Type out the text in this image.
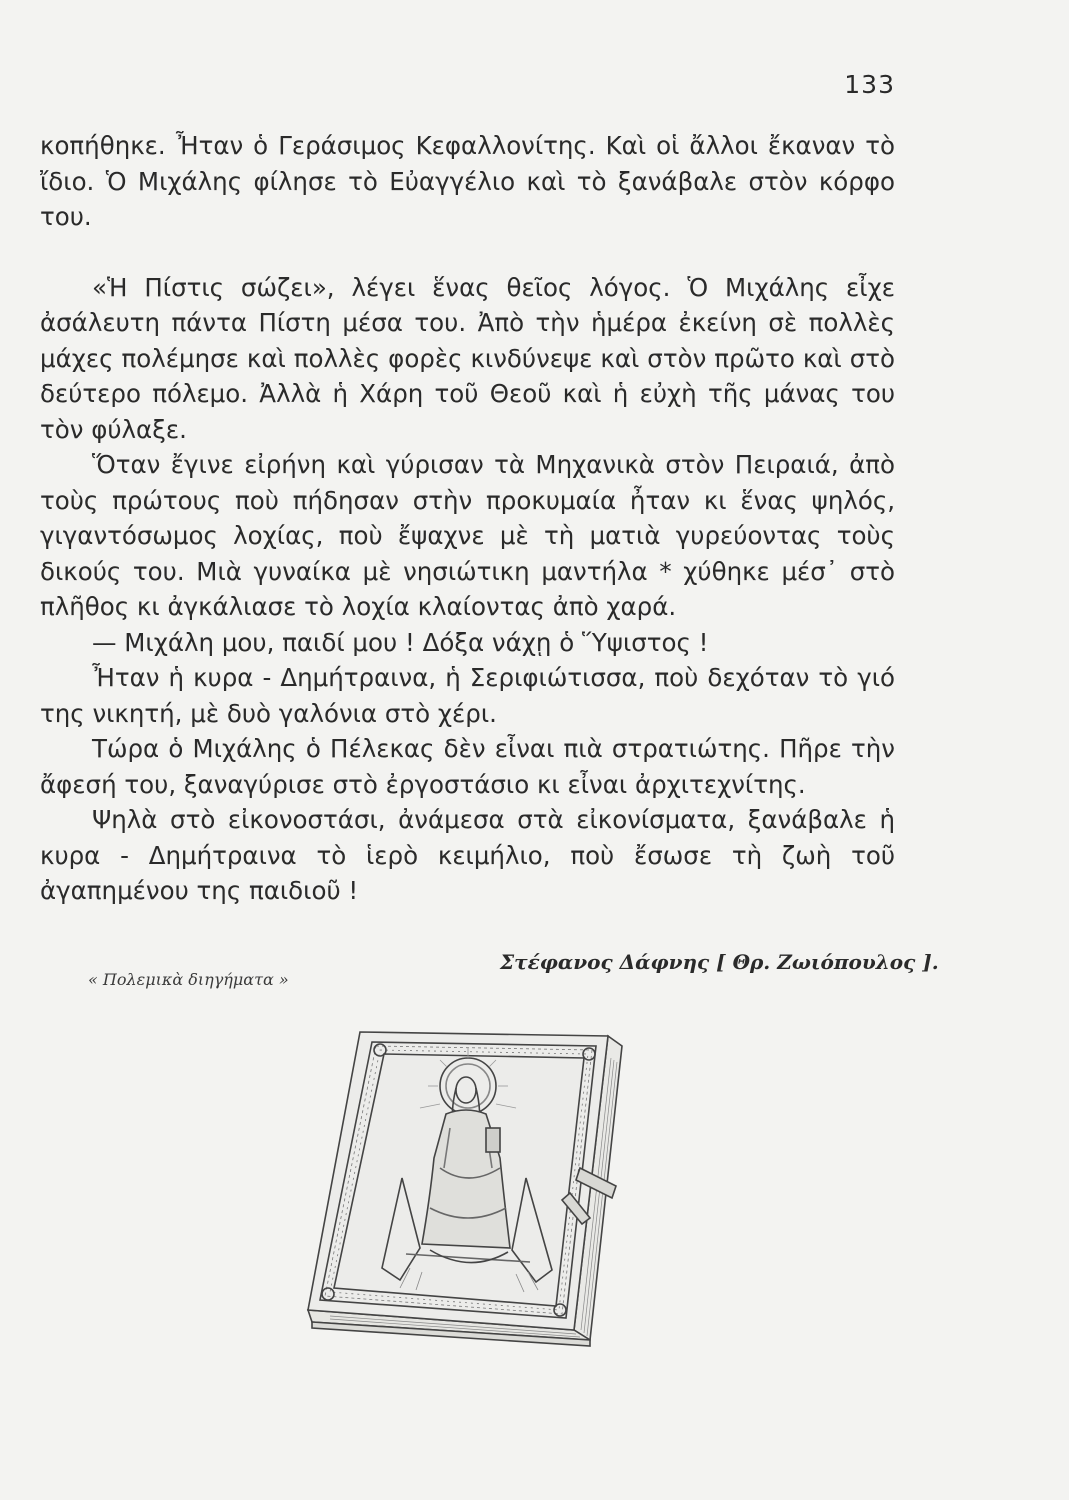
133

κοπήθηκε. Ἦταν ὁ Γεράσιμος Κεφαλλονίτης. Καὶ οἱ ἄλλοι ἔκαναν τὸ ἴδιο. Ὁ Μιχάλης φίλησε τὸ Εὐαγγέλιο καὶ τὸ ξανάβαλε στὸν κόρφο του.

«Ἡ Πίστις σώζει», λέγει ἕνας θεῖος λόγος. Ὁ Μιχάλης εἶχε ἀσάλευτη πάντα Πίστη μέσα του. Ἀπὸ τὴν ἡμέρα ἐκείνη σὲ πολλὲς μάχες πολέμησε καὶ πολλὲς φορὲς κινδύνεψε καὶ στὸν πρῶτο καὶ στὸ δεύτερο πόλεμο. Ἀλλὰ ἡ Χάρη τοῦ Θεοῦ καὶ ἡ εὐχὴ τῆς μάνας του τὸν φύλαξε.

Ὅταν ἔγινε εἰρήνη καὶ γύρισαν τὰ Μηχανικὰ στὸν Πειραιά, ἀπὸ τοὺς πρώτους ποὺ πήδησαν στὴν προκυμαία ἦταν κι ἕνας ψηλός, γιγαντόσωμος λοχίας, ποὺ ἔψαχνε μὲ τὴ ματιὰ γυρεύοντας τοὺς δικούς του. Μιὰ γυναίκα μὲ νησιώτικη μαντήλα * χύθηκε μέσ᾿ στὸ πλῆθος κι ἀγκάλιασε τὸ λοχία κλαίοντας ἀπὸ χαρά.

— Μιχάλη μου, παιδί μου ! Δόξα νάχῃ ὁ Ὕψιστος !

Ἦταν ἡ κυρα - Δημήτραινα, ἡ Σεριφιώτισσα, ποὺ δεχόταν τὸ γιό της νικητή, μὲ δυὸ γαλόνια στὸ χέρι.

Τώρα ὁ Μιχάλης ὁ Πέλεκας δὲν εἶναι πιὰ στρατιώτης. Πῆρε τὴν ἄφεσή του, ξαναγύρισε στὸ ἐργοστάσιο κι εἶναι ἀρχιτεχνίτης.

Ψηλὰ στὸ εἰκονοστάσι, ἀνάμεσα στὰ εἰκονίσματα, ξανάβαλε ἡ κυρα - Δημήτραινα τὸ ἱερὸ κειμήλιο, ποὺ ἔσωσε τὴ ζωὴ τοῦ ἀγαπημένου της παιδιοῦ !

Στέφανος Δάφνης [ Θρ. Ζωιόπουλος ].
« Πολεμικὰ διηγήματα »
